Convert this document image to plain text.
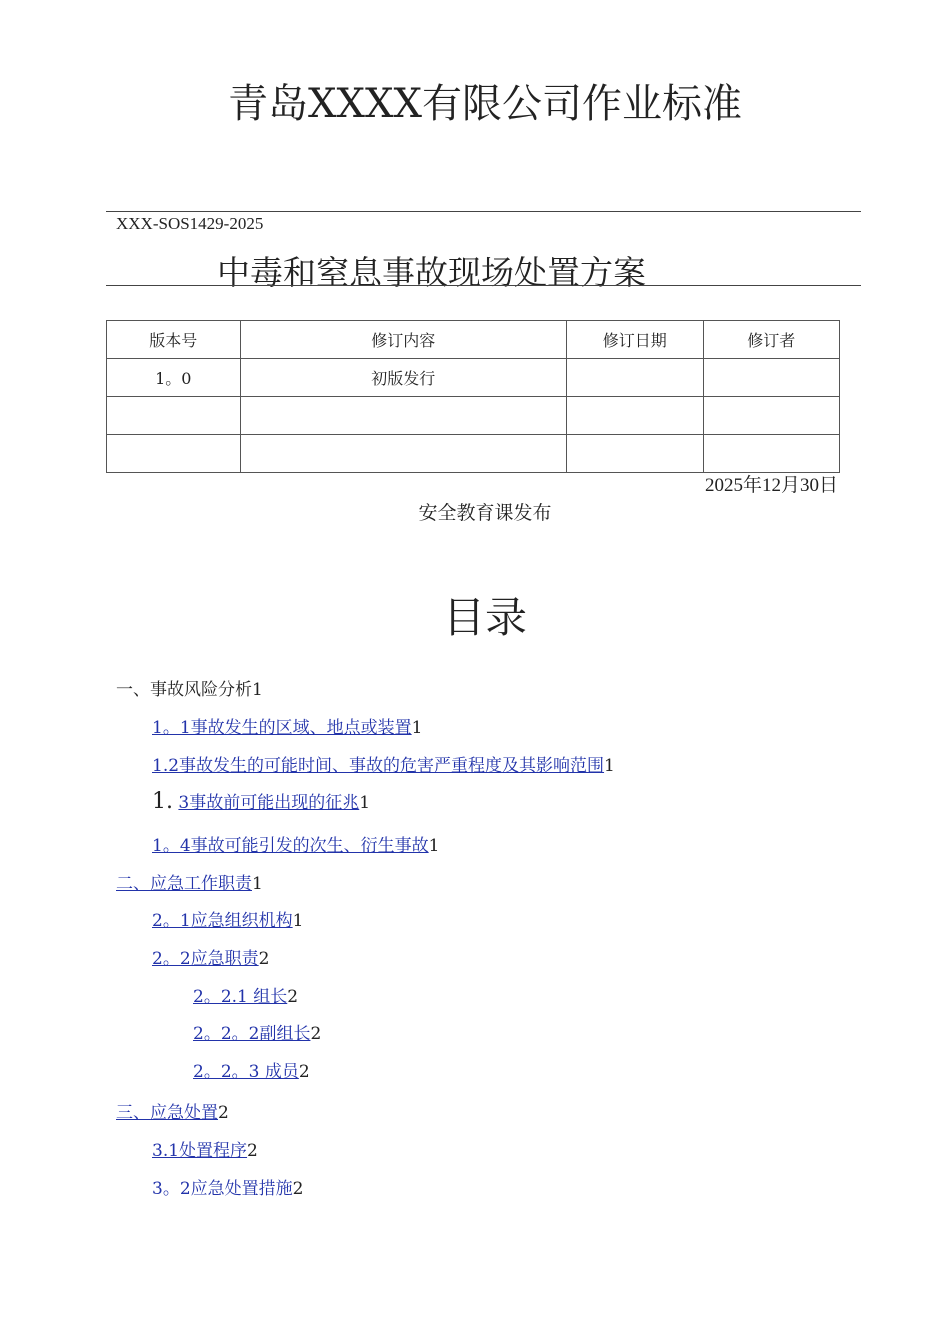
青岛XXXX有限公司作业标准
XXX-SOS1429-2025
中毒和窒息事故现场处置方案
版本号	修订内容	修订日期	修订者
1。0	初版发行		

2025年12月30日
安全教育课发布
目录
一、事故风险分析1
1。1事故发生的区域、地点或装置1
1.2事故发生的可能时间、事故的危害严重程度及其影响范围1
1. 3事故前可能出现的征兆1
1。4事故可能引发的次生、衍生事故1
二、应急工作职责1
2。1应急组织机构1
2。2应急职责2
2。2.1 组长2
2。2。2副组长2
2。2。3 成员2
三、应急处置2
3.1处置程序2
3。2应急处置措施2
